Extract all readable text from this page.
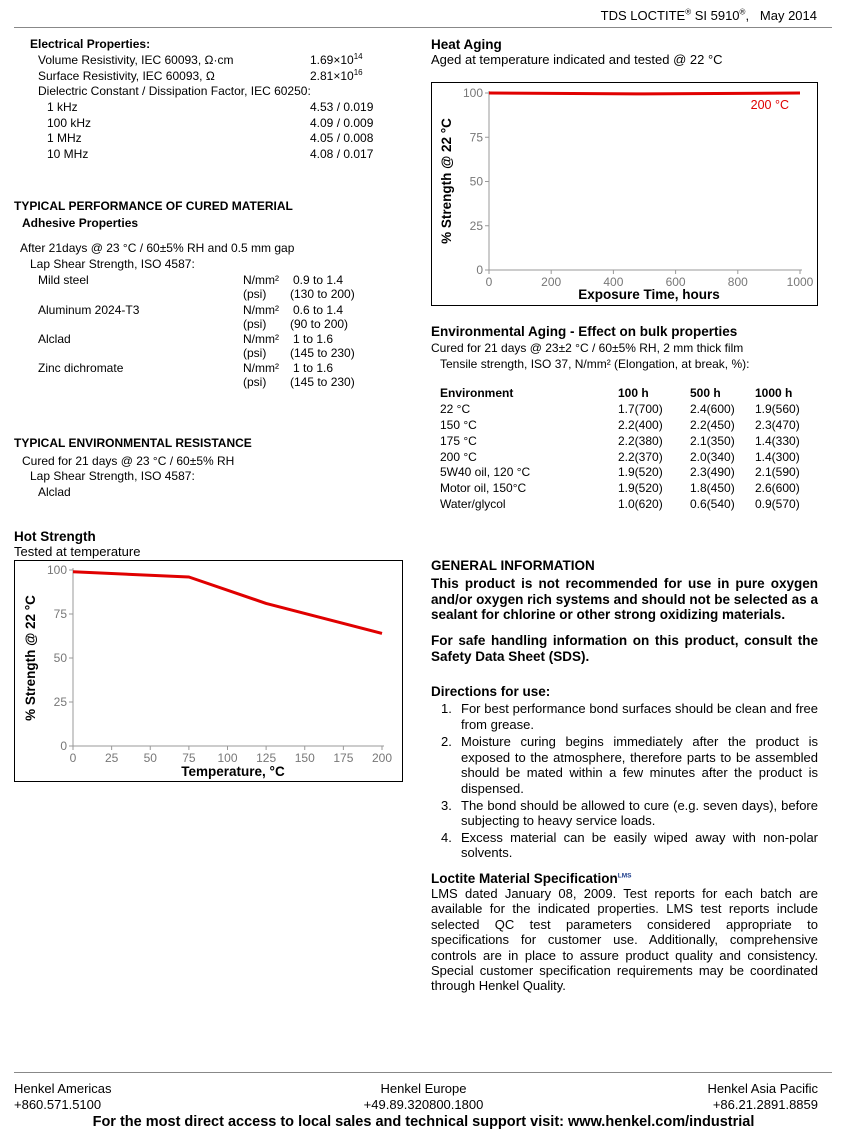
TDS LOCTITE® SI 5910®,   May 2014
Electrical Properties:
Volume Resistivity, IEC 60093, Ω·cm	$1.69\times 10^{14}$
Surface Resistivity, IEC 60093, Ω	$2.81\times 10^{16}$
Dielectric Constant / Dissipation Factor, IEC 60250:
1 kHz	4.53 / 0.019
100 kHz	4.09 / 0.009
1 MHz	4.05 / 0.008
10 MHz	4.08 / 0.017
TYPICAL PERFORMANCE OF CURED MATERIAL
Adhesive Properties
After 21days @ 23 °C / 60±5% RH and 0.5 mm gap
Lap Shear Strength, ISO 4587:
Mild steel	N/mm² 0.9 to 1.4
(psi) (130 to 200)
Aluminum 2024-T3	N/mm² 0.6 to 1.4
(psi) (90 to 200)
Alclad	N/mm² 1 to 1.6
(psi) (145 to 230)
Zinc dichromate	N/mm² 1 to 1.6
(psi) (145 to 230)
TYPICAL ENVIRONMENTAL RESISTANCE
Cured for 21 days @ 23 °C / 60±5% RH
Lap Shear Strength, ISO 4587:
Alclad
Hot Strength
Tested at temperature
0
25
50
75
100
0 25 50 75 100 125 150 175 200
Temperature, °C
% Strength @ 22 °C
Heat Aging
Aged at temperature indicated and tested @ 22 °C
0
25
50
75
100
0	200	400	600	800	1000
Exposure Time, hours
% Strength @ 22 °C
200 °C
Environmental Aging - Effect on bulk properties
Cured for 21 days @ 23±2 °C / 60±5% RH, 2 mm thick film
Tensile strength, ISO 37, N/mm² (Elongation, at break, %):
Environment	100 h	500 h	1000 h
22 °C	1.7(700)	2.4(600)	1.9(560)
150 °C	2.2(400)	2.2(450)	2.3(470)
175 °C	2.2(380)	2.1(350)	1.4(330)
200 °C	2.2(370)	2.0(340)	1.4(300)
5W40 oil, 120 °C	1.9(520)	2.3(490)	2.1(590)
Motor oil, 150°C	1.9(520)	1.8(450)	2.6(600)
Water/glycol	1.0(620)	0.6(540)	0.9(570)
GENERAL INFORMATION
This product is not recommended for use in pure oxygen and/or oxygen rich systems and should not be selected as a sealant for chlorine or other strong oxidizing materials.
For safe handling information on this product, consult the Safety Data Sheet (SDS).
Directions for use:
1. For best performance bond surfaces should be clean and free from grease.
2. Moisture curing begins immediately after the product is exposed to the atmosphere, therefore parts to be assembled should be mated within a few minutes after the product is dispensed.
3. The bond should be allowed to cure (e.g. seven days), before subjecting to heavy service loads.
4. Excess material can be easily wiped away with non-polar solvents.
Loctite Material Specification$^{LMS}$
LMS dated January 08, 2009. Test reports for each batch are available for the indicated properties. LMS test reports include selected QC test parameters considered appropriate to specifications for customer use. Additionally, comprehensive controls are in place to assure product quality and consistency. Special customer specification requirements may be coordinated through Henkel Quality.
Henkel Americas
+860.571.5100
Henkel Europe
+49.89.320800.1800
Henkel Asia Pacific
+86.21.2891.8859
For the most direct access to local sales and technical support visit: www.henkel.com/industrial
